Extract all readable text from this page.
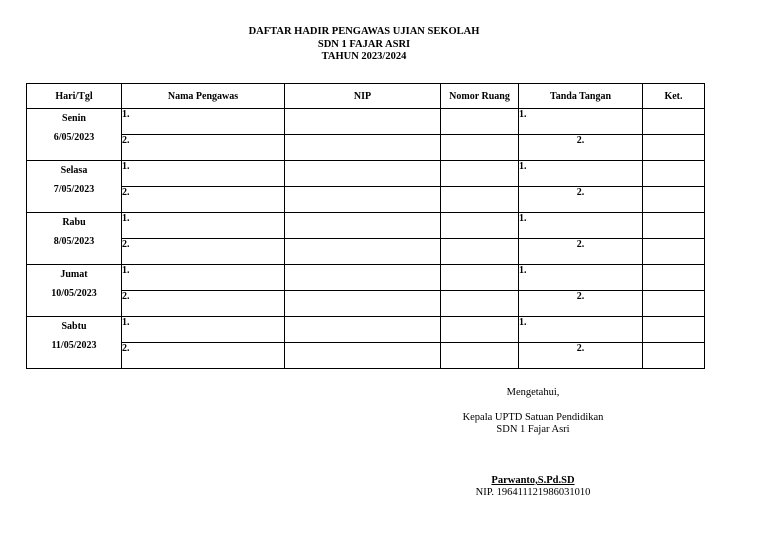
DAFTAR HADIR PENGAWAS UJIAN SEKOLAH
SDN 1 FAJAR ASRI
TAHUN 2023/2024
Hari/Tgl	Nama Pengawas	NIP	Nomor Ruang	Tanda Tangan	Ket.

Senin
6/05/2023	1.			1.	
	2.			2.	

Selasa
7/05/2023	1.			1.	
	2.			2.	

Rabu
8/05/2023	1.			1.	
	2.			2.	

Jumat
10/05/2023	1.			1.	
	2.			2.	

Sabtu
11/05/2023	1.			1.	
	2.			2.	
Mengetahui,
Kepala UPTD Satuan Pendidikan
SDN 1 Fajar Asri
Parwanto,S.Pd.SD
NIP. 196411121986031010
